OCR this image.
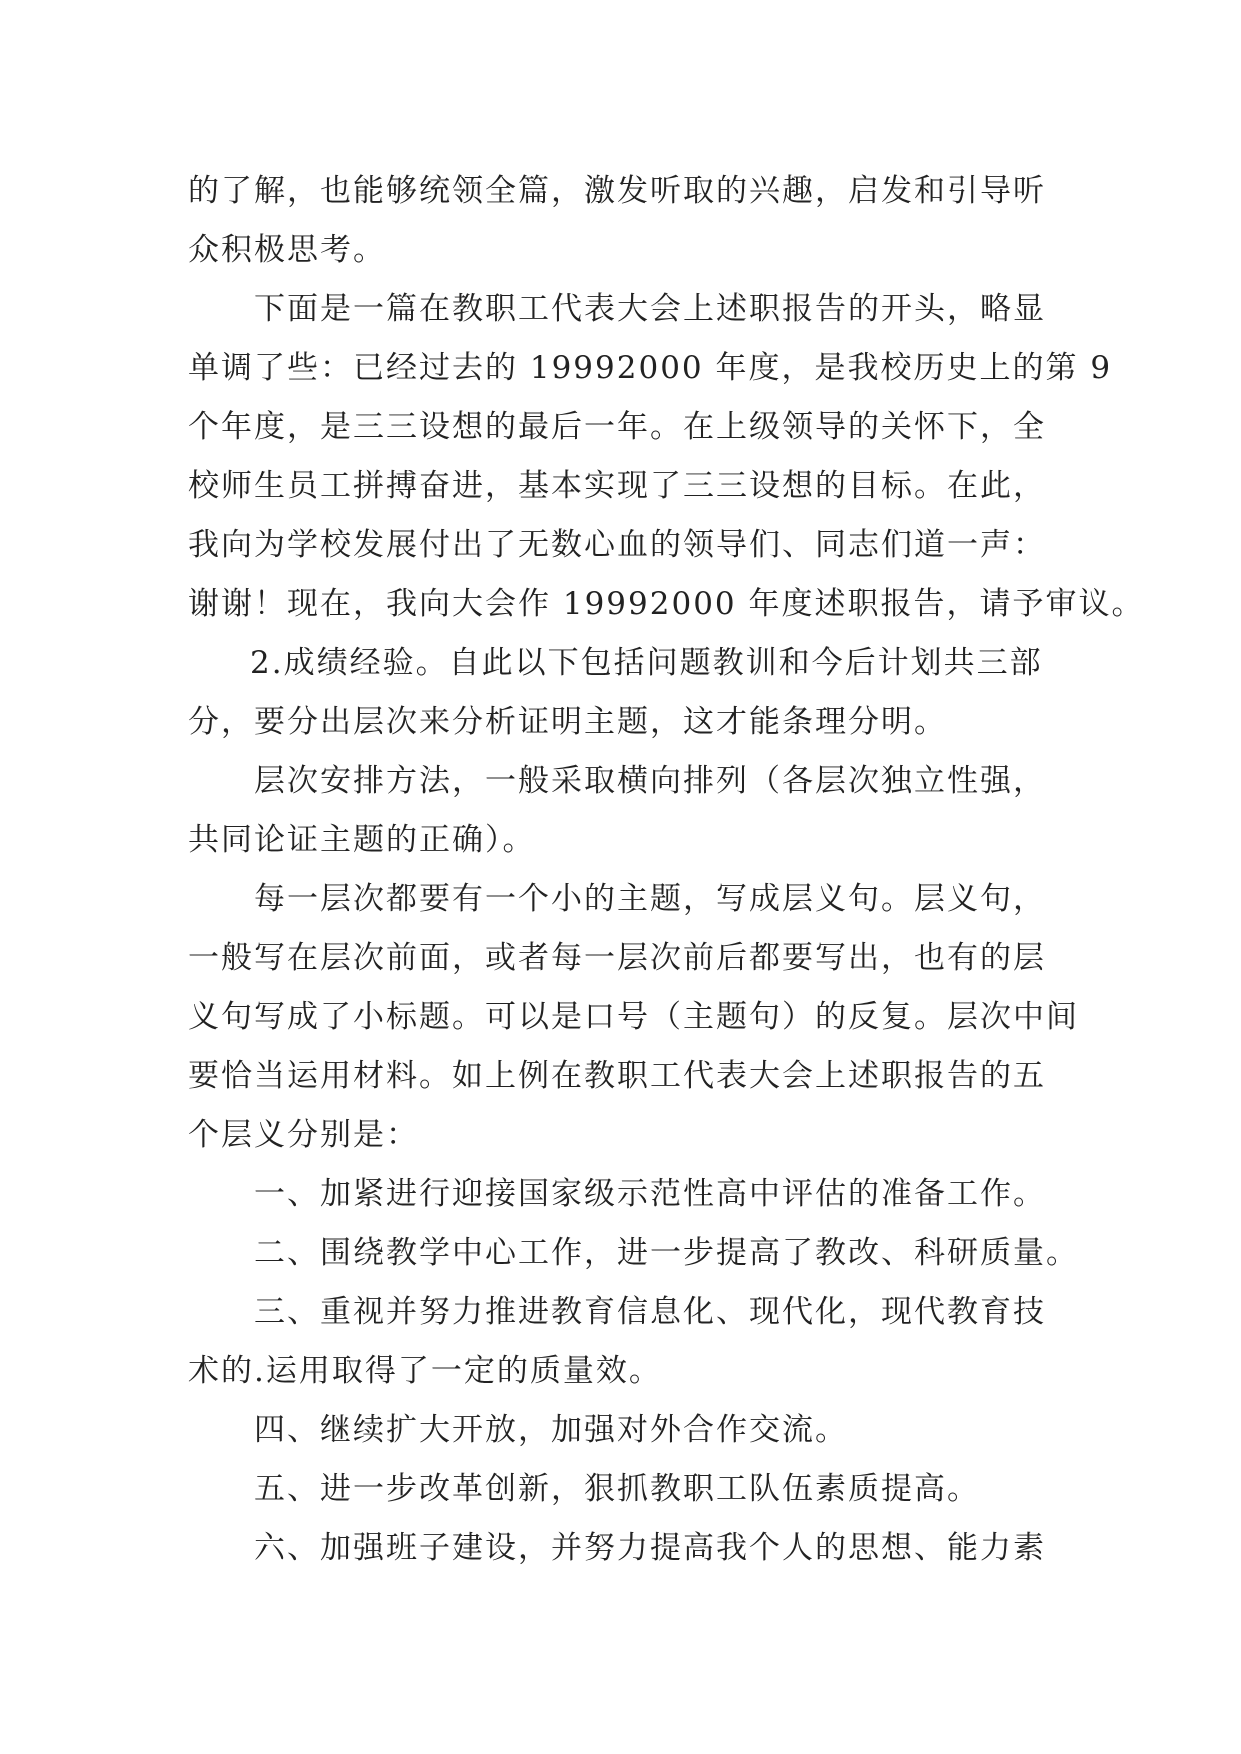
的了解，也能够统领全篇，激发听取的兴趣，启发和引导听

众积极思考。

下面是一篇在教职工代表大会上述职报告的开头，略显

单调了些：已经过去的 19992000 年度，是我校历史上的第 9

个年度，是三三设想的最后一年。在上级领导的关怀下，全

校师生员工拼搏奋进，基本实现了三三设想的目标。在此，

我向为学校发展付出了无数心血的领导们、同志们道一声：

谢谢！现在，我向大会作 19992000 年度述职报告，请予审议。

2.成绩经验。自此以下包括问题教训和今后计划共三部

分，要分出层次来分析证明主题，这才能条理分明。

层次安排方法，一般采取横向排列（各层次独立性强，

共同论证主题的正确）。

每一层次都要有一个小的主题，写成层义句。层义句，

一般写在层次前面，或者每一层次前后都要写出，也有的层

义句写成了小标题。可以是口号（主题句）的反复。层次中间

要恰当运用材料。如上例在教职工代表大会上述职报告的五

个层义分别是：

一、加紧进行迎接国家级示范性高中评估的准备工作。

二、围绕教学中心工作，进一步提高了教改、科研质量。

三、重视并努力推进教育信息化、现代化，现代教育技

术的.运用取得了一定的质量效。

四、继续扩大开放，加强对外合作交流。

五、进一步改革创新，狠抓教职工队伍素质提高。

六、加强班子建设，并努力提高我个人的思想、能力素
